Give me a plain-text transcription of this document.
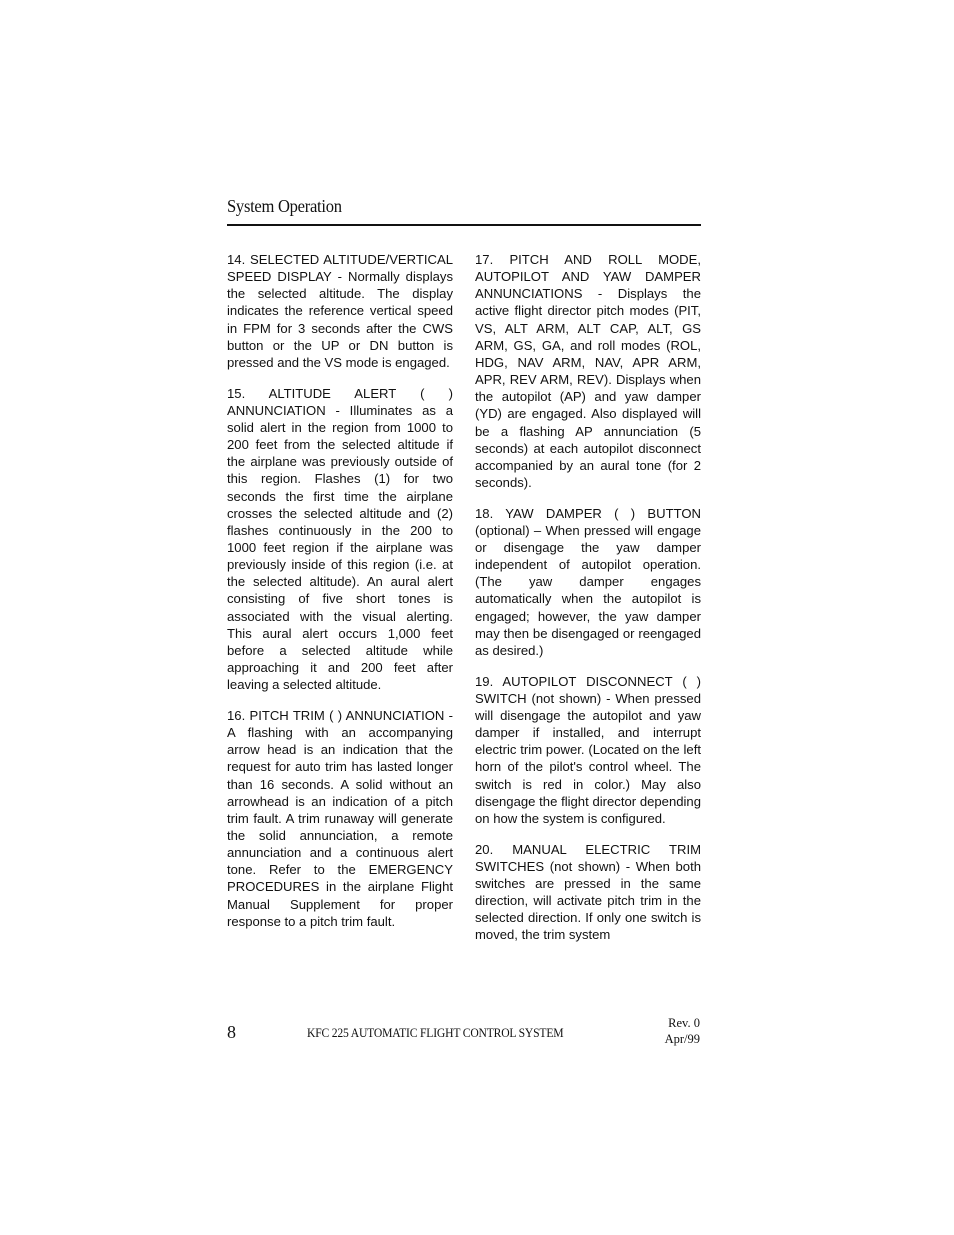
System Operation

14. SELECTED ALTITUDE/VERTICAL SPEED DISPLAY - Normally displays the selected altitude. The display indicates the reference vertical speed in FPM for 3 seconds after the CWS button or the UP or DN button is pressed and the VS mode is engaged.

15. ALTITUDE ALERT ( ) ANNUNCIATION - Illuminates as a solid alert in the region from 1000 to 200 feet from the selected altitude if the airplane was previously outside of this region. Flashes (1) for two seconds the first time the airplane crosses the selected altitude and (2) flashes continuously in the 200 to 1000 feet region if the airplane was previously inside of this region (i.e. at the selected altitude). An aural alert consisting of five short tones is associated with the visual alerting. This aural alert occurs 1,000 feet before a selected altitude while approaching it and 200 feet after leaving a selected altitude.

16. PITCH TRIM ( ) ANNUNCIATION - A flashing with an accompanying arrow head is an indication that the request for auto trim has lasted longer than 16 seconds. A solid without an arrowhead is an indication of a pitch trim fault. A trim runaway will generate the solid annunciation, a remote annunciation and a continuous alert tone. Refer to the EMERGENCY PROCEDURES in the airplane Flight Manual Supplement for proper response to a pitch trim fault.

17. PITCH AND ROLL MODE, AUTOPILOT AND YAW DAMPER ANNUNCIATIONS - Displays the active flight director pitch modes (PIT, VS, ALT ARM, ALT CAP, ALT, GS ARM, GS, GA, and roll modes (ROL, HDG, NAV ARM, NAV, APR ARM, APR, REV ARM, REV). Displays when the autopilot (AP) and yaw damper (YD) are engaged. Also displayed will be a flashing AP annunciation (5 seconds) at each autopilot disconnect accompanied by an aural tone (for 2 seconds).

18. YAW DAMPER ( ) BUTTON (optional) – When pressed will engage or disengage the yaw damper independent of autopilot operation. (The yaw damper engages automatically when the autopilot is engaged; however, the yaw damper may then be disengaged or reengaged as desired.)

19. AUTOPILOT DISCONNECT ( ) SWITCH (not shown) - When pressed will disengage the autopilot and yaw damper if installed, and interrupt electric trim power. (Located on the left horn of the pilot's control wheel. The switch is red in color.) May also disengage the flight director depending on how the system is configured.

20. MANUAL ELECTRIC TRIM SWITCHES (not shown) - When both switches are pressed in the same direction, will activate pitch trim in the selected direction. If only one switch is moved, the trim system

8	KFC 225 AUTOMATIC FLIGHT CONTROL SYSTEM
Rev. 0
Apr/99
